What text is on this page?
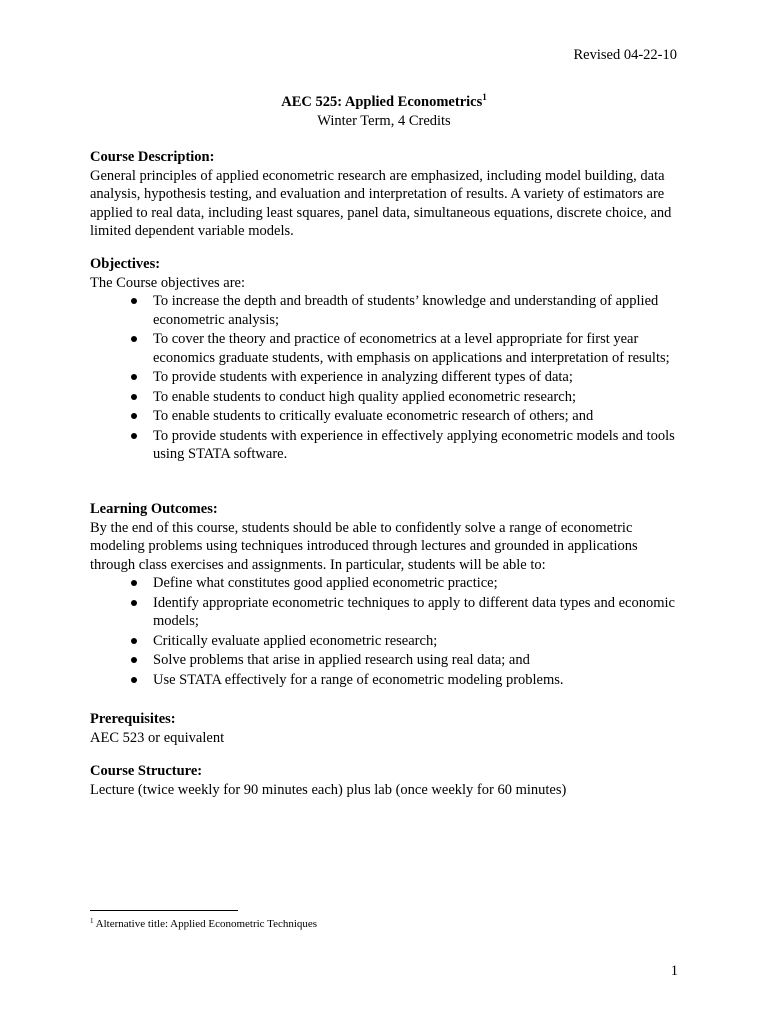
Revised 04-22-10
AEC 525: Applied Econometrics$^1$
Winter Term, 4 Credits
Course Description:
General principles of applied econometric research are emphasized, including model building, data analysis, hypothesis testing, and evaluation and interpretation of results. A variety of estimators are applied to real data, including least squares, panel data, simultaneous equations, discrete choice, and limited dependent variable models.
Objectives:
The Course objectives are:
To increase the depth and breadth of students’ knowledge and understanding of applied econometric analysis;
To cover the theory and practice of econometrics at a level appropriate for first year economics graduate students, with emphasis on applications and interpretation of results;
To provide students with experience in analyzing different types of data;
To enable students to conduct high quality applied econometric research;
To enable students to critically evaluate econometric research of others; and
To provide students with experience in effectively applying econometric models and tools using STATA software.
Learning Outcomes:
By the end of this course, students should be able to confidently solve a range of econometric modeling problems using techniques introduced through lectures and grounded in applications through class exercises and assignments. In particular, students will be able to:
Define what constitutes good applied econometric practice;
Identify appropriate econometric techniques to apply to different data types and economic models;
Critically evaluate applied econometric research;
Solve problems that arise in applied research using real data; and
Use STATA effectively for a range of econometric modeling problems.
Prerequisites:
AEC 523 or equivalent
Course Structure:
Lecture (twice weekly for 90 minutes each) plus lab (once weekly for 60 minutes)
$^1$ Alternative title: Applied Econometric Techniques
1
